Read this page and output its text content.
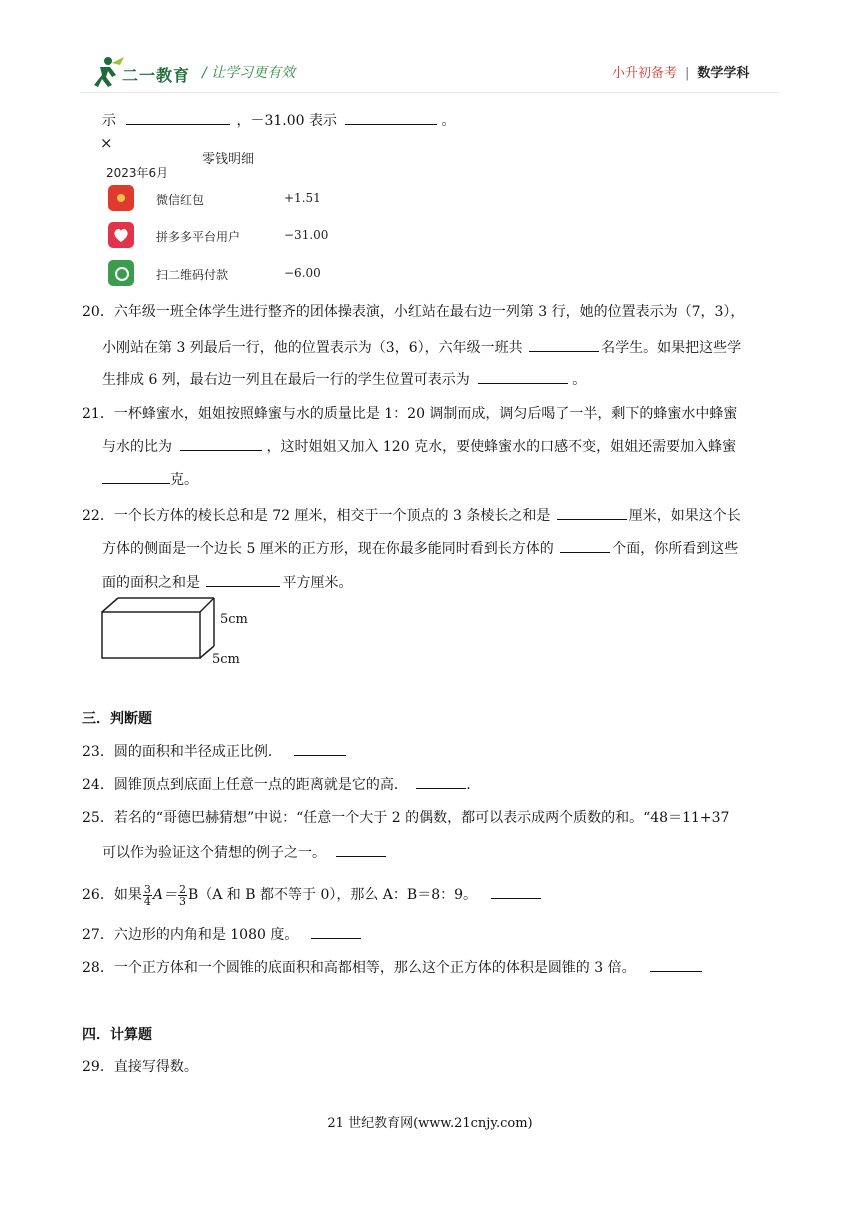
二一教育 / 让学习更有效	小升初备考 | 数学学科
示	，－31.00 表示	。
×
零钱明细
2023年6月
微信红包	+1.51
拼多多平台用户	−31.00
扫二维码付款	−6.00
20．六年级一班全体学生进行整齐的团体操表演，小红站在最右边一列第 3 行，她的位置表示为（7，3），
小刚站在第 3 列最后一行，他的位置表示为（3，6），六年级一班共	名学生。如果把这些学
生排成 6 列，最右边一列且在最后一行的学生位置可表示为	。
21．一杯蜂蜜水，姐姐按照蜂蜜与水的质量比是 1：20 调制而成，调匀后喝了一半，剩下的蜂蜜水中蜂蜜
与水的比为	，这时姐姐又加入 120 克水，要使蜂蜜水的口感不变，姐姐还需要加入蜂蜜
克。
22．一个长方体的棱长总和是 72 厘米，相交于一个顶点的 3 条棱长之和是	厘米，如果这个长
方体的侧面是一个边长 5 厘米的正方形，现在你最多能同时看到长方体的	个面，你所看到这些
面的面积之和是	平方厘米。
5cm
5cm
三．判断题
23．圆的面积和半径成正比例．
24．圆锥顶点到底面上任意一点的距离就是它的高．	.
25．若名的“哥德巴赫猜想”中说：“任意一个大于 2 的偶数，都可以表示成两个质数的和。“48＝11+37
可以作为验证这个猜想的例子之一。
26．如果 $\frac{3}{4} A= \frac{2}{3} B(A$ 和 B 都不等于 0），那么 A：B＝8：9。
27．六边形的内角和是 1080 度。
28．一个正方体和一个圆锥的底面积和高都相等，那么这个正方体的体积是圆锥的 3 倍。
四．计算题
29．直接写得数。
21 世纪教育网(www.21cnjy.com)
